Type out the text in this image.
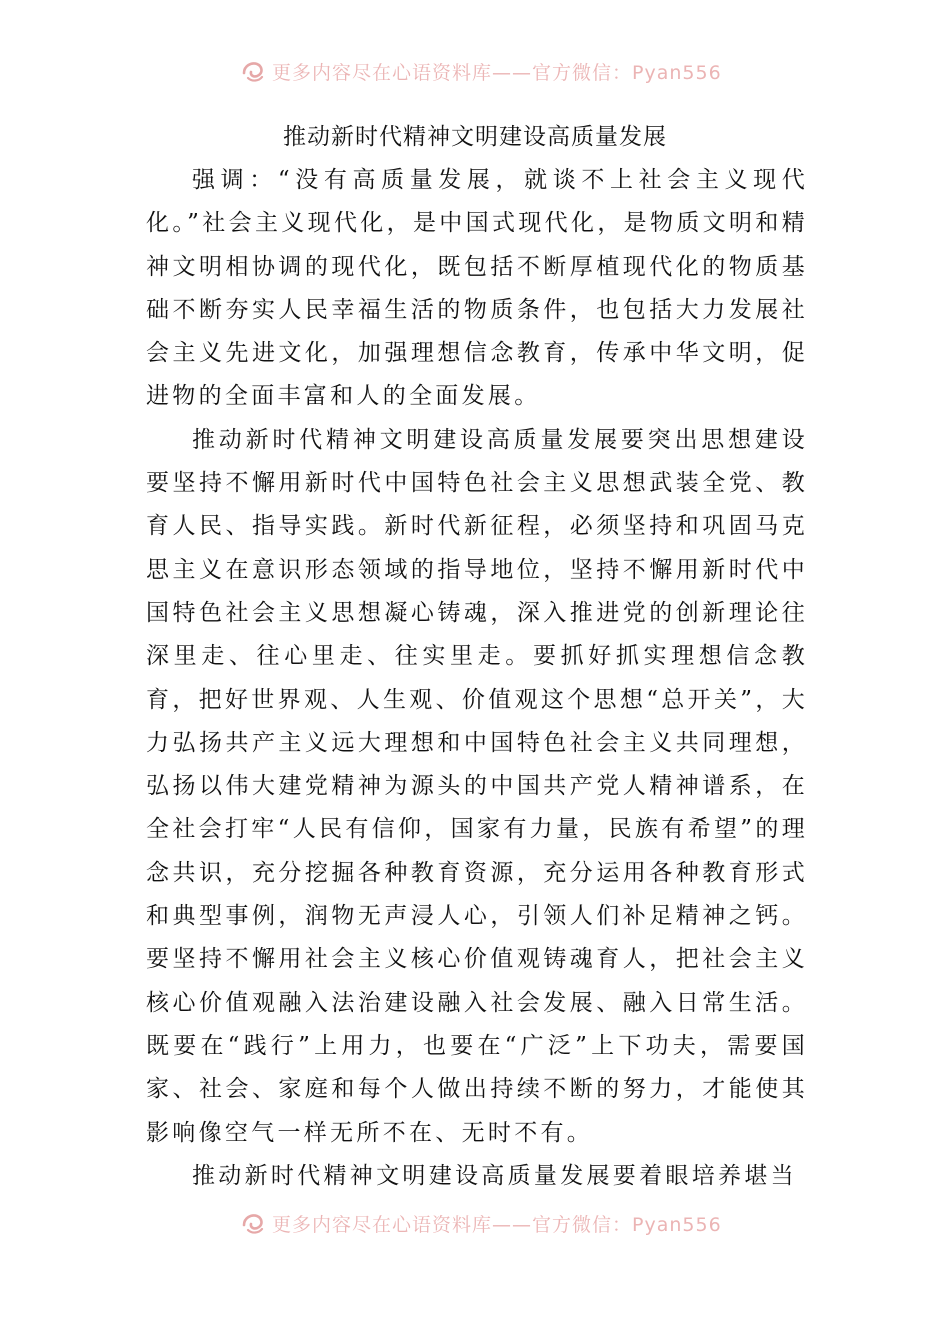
更多内容尽在心语资料库——官方微信：Pyan556
推动新时代精神文明建设高质量发展

强调：“没有高质量发展，就谈不上社会主义现代化。”社会主义现代化，是中国式现代化，是物质文明和精神文明相协调的现代化，既包括不断厚植现代化的物质基础不断夯实人民幸福生活的物质条件，也包括大力发展社会主义先进文化，加强理想信念教育，传承中华文明，促进物的全面丰富和人的全面发展。

推动新时代精神文明建设高质量发展要突出思想建设要坚持不懈用新时代中国特色社会主义思想武装全党、教育人民、指导实践。新时代新征程，必须坚持和巩固马克思主义在意识形态领域的指导地位，坚持不懈用新时代中国特色社会主义思想凝心铸魂，深入推进党的创新理论往深里走、往心里走、往实里走。要抓好抓实理想信念教育，把好世界观、人生观、价值观这个思想“总开关”，大力弘扬共产主义远大理想和中国特色社会主义共同理想，弘扬以伟大建党精神为源头的中国共产党人精神谱系，在全社会打牢“人民有信仰，国家有力量，民族有希望”的理念共识，充分挖掘各种教育资源，充分运用各种教育形式和典型事例，润物无声浸人心，引领人们补足精神之钙。要坚持不懈用社会主义核心价值观铸魂育人，把社会主义核心价值观融入法治建设融入社会发展、融入日常生活。既要在“践行”上用力，也要在“广泛”上下功夫，需要国家、社会、家庭和每个人做出持续不断的努力，才能使其影响像空气一样无所不在、无时不有。

推动新时代精神文明建设高质量发展要着眼培养堪当

更多内容尽在心语资料库——官方微信：Pyan556
